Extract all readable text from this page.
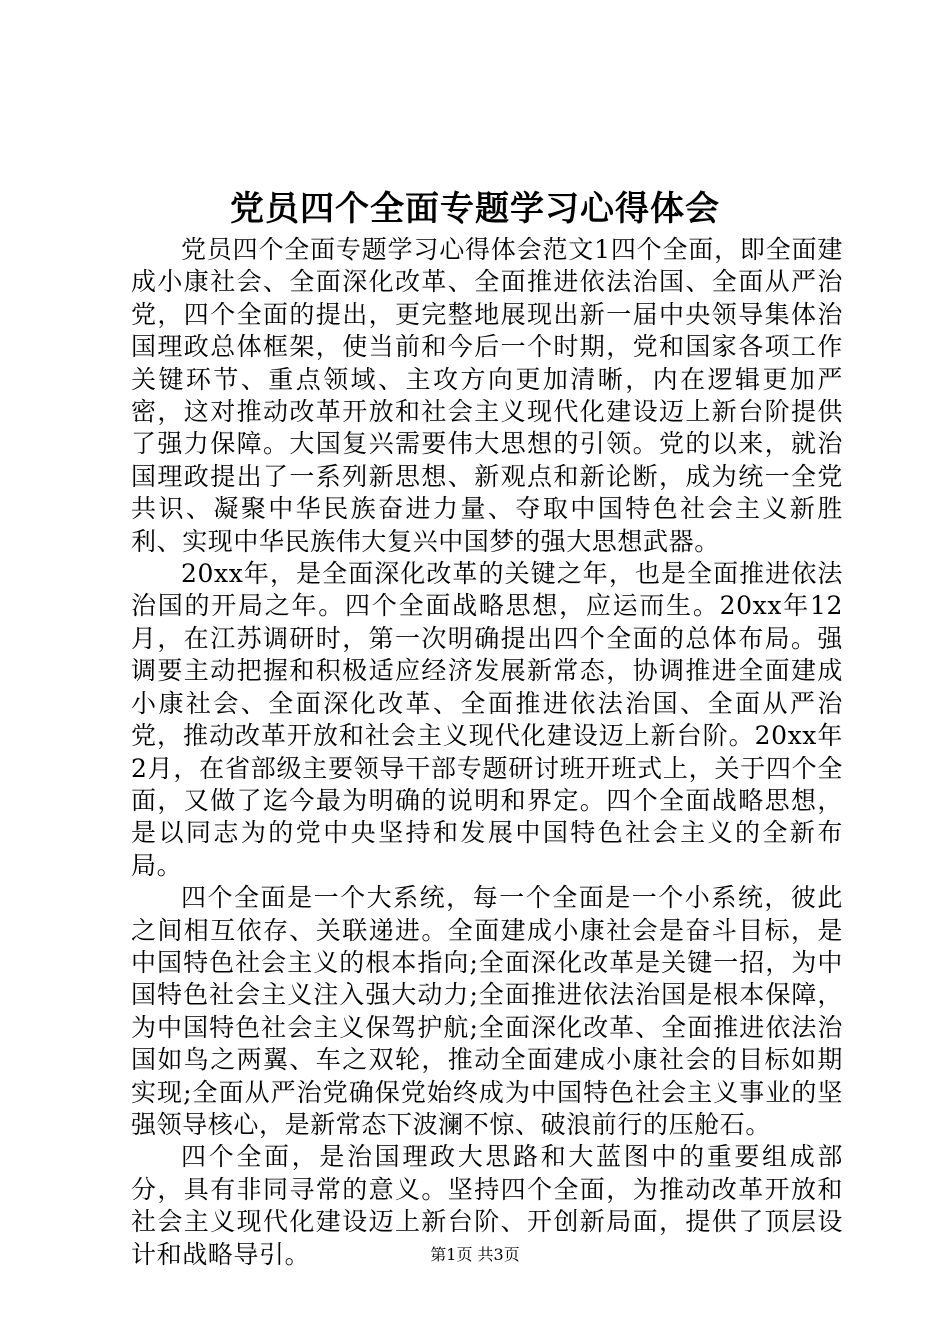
党员四个全面专题学习心得体会

党员四个全面专题学习心得体会范文1四个全面，即全面建成小康社会、全面深化改革、全面推进依法治国、全面从严治党，四个全面的提出，更完整地展现出新一届中央领导集体治国理政总体框架，使当前和今后一个时期，党和国家各项工作关键环节、重点领域、主攻方向更加清晰，内在逻辑更加严密，这对推动改革开放和社会主义现代化建设迈上新台阶提供了强力保障。大国复兴需要伟大思想的引领。党的以来，就治国理政提出了一系列新思想、新观点和新论断，成为统一全党共识、凝聚中华民族奋进力量、夺取中国特色社会主义新胜利、实现中华民族伟大复兴中国梦的强大思想武器。

20xx年，是全面深化改革的关键之年，也是全面推进依法治国的开局之年。四个全面战略思想，应运而生。20xx年12月，在江苏调研时，第一次明确提出四个全面的总体布局。强调要主动把握和积极适应经济发展新常态，协调推进全面建成小康社会、全面深化改革、全面推进依法治国、全面从严治党，推动改革开放和社会主义现代化建设迈上新台阶。20xx年2月，在省部级主要领导干部专题研讨班开班式上，关于四个全面，又做了迄今最为明确的说明和界定。四个全面战略思想，是以同志为的党中央坚持和发展中国特色社会主义的全新布局。

四个全面是一个大系统，每一个全面是一个小系统，彼此之间相互依存、关联递进。全面建成小康社会是奋斗目标，是中国特色社会主义的根本指向;全面深化改革是关键一招，为中国特色社会主义注入强大动力;全面推进依法治国是根本保障，为中国特色社会主义保驾护航;全面深化改革、全面推进依法治国如鸟之两翼、车之双轮，推动全面建成小康社会的目标如期实现;全面从严治党确保党始终成为中国特色社会主义事业的坚强领导核心，是新常态下波澜不惊、破浪前行的压舱石。

四个全面，是治国理政大思路和大蓝图中的重要组成部分，具有非同寻常的意义。坚持四个全面，为推动改革开放和社会主义现代化建设迈上新台阶、开创新局面，提供了顶层设计和战略导引。	第1页 共3页
